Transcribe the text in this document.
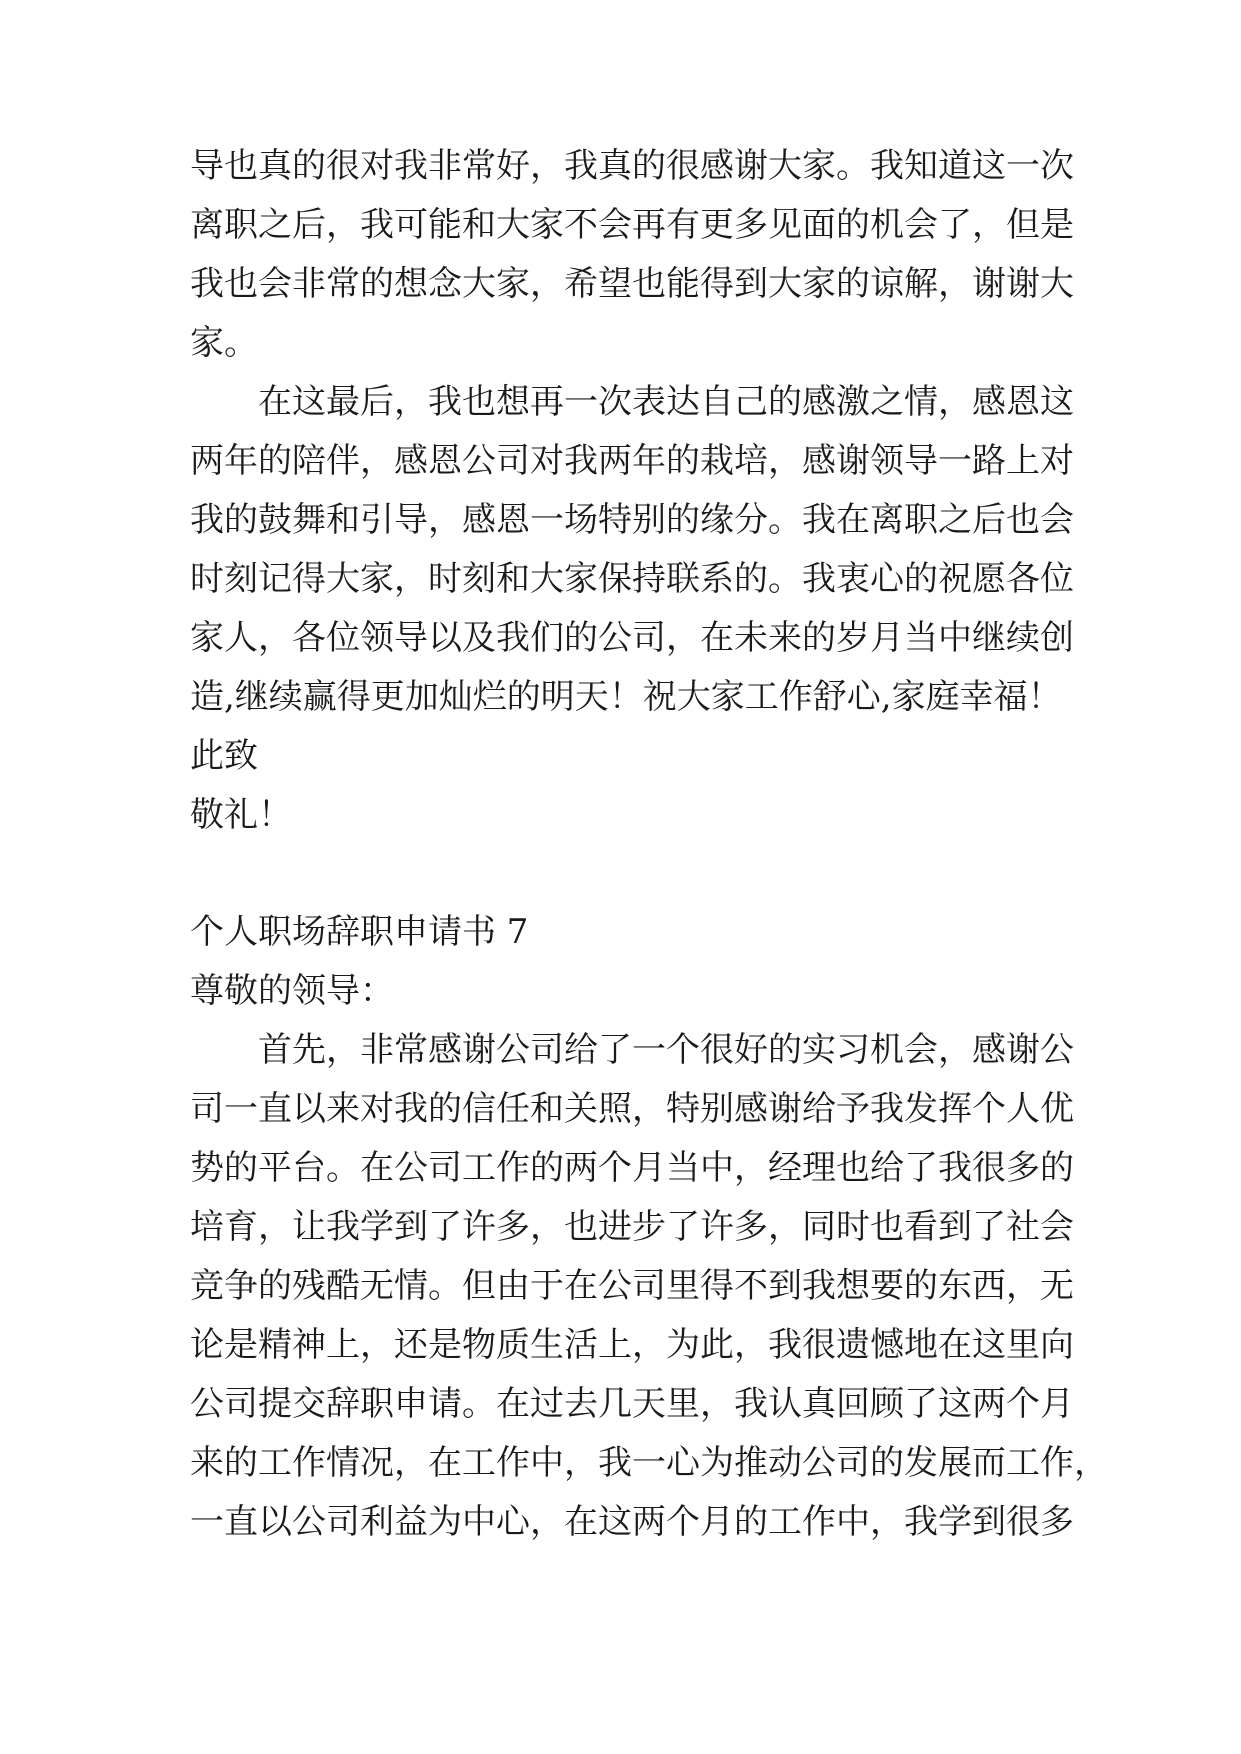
导也真的很对我非常好，我真的很感谢大家。我知道这一次
离职之后，我可能和大家不会再有更多见面的机会了，但是
我也会非常的想念大家，希望也能得到大家的谅解，谢谢大
家。
在这最后，我也想再一次表达自己的感激之情，感恩这
两年的陪伴，感恩公司对我两年的栽培，感谢领导一路上对
我的鼓舞和引导，感恩一场特别的缘分。我在离职之后也会
时刻记得大家，时刻和大家保持联系的。我衷心的祝愿各位
家人，各位领导以及我们的公司，在未来的岁月当中继续创
造,继续赢得更加灿烂的明天！祝大家工作舒心,家庭幸福！
此致
敬礼！
个人职场辞职申请书 7
尊敬的领导：
首先，非常感谢公司给了一个很好的实习机会，感谢公
司一直以来对我的信任和关照，特别感谢给予我发挥个人优
势的平台。在公司工作的两个月当中，经理也给了我很多的
培育，让我学到了许多，也进步了许多，同时也看到了社会
竞争的残酷无情。但由于在公司里得不到我想要的东西，无
论是精神上，还是物质生活上，为此，我很遗憾地在这里向
公司提交辞职申请。在过去几天里，我认真回顾了这两个月
来的工作情况，在工作中，我一心为推动公司的发展而工作，
一直以公司利益为中心，在这两个月的工作中，我学到很多
